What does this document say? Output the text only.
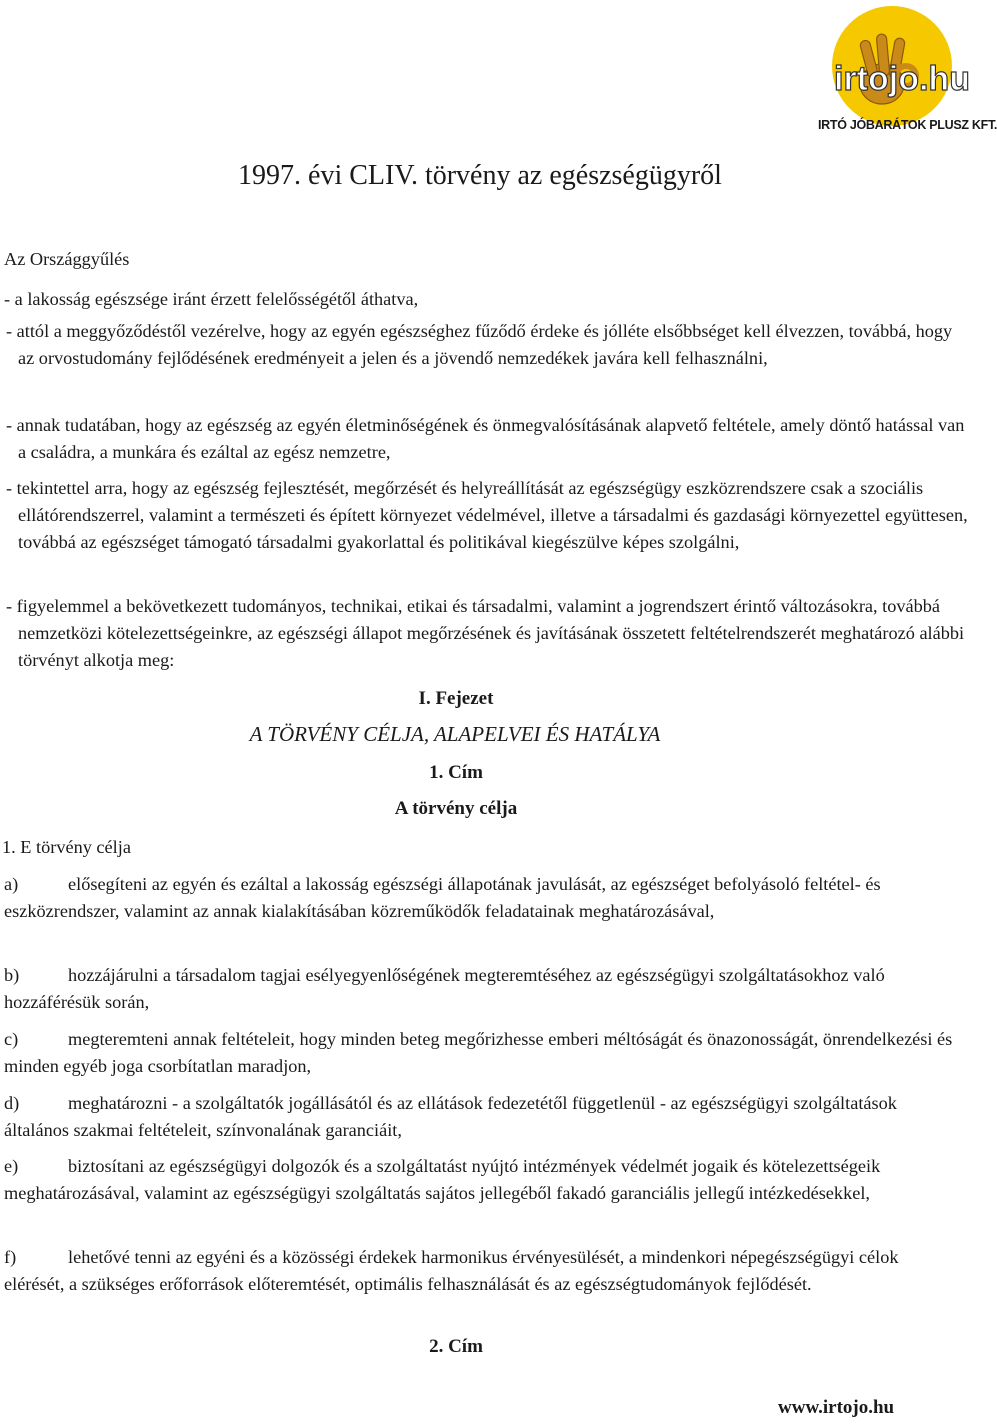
irtojo.hu
IRTÓ JÓBARÁTOK PLUSZ KFT.
1997. évi CLIV. törvény az egészségügyről

Az Országgyűlés

- a lakosság egészsége iránt érzett felelősségétől áthatva,

- attól a meggyőződéstől vezérelve, hogy az egyén egészséghez fűződő érdeke és jólléte elsőbbséget kell élvezzen, továbbá, hogy az orvostudomány fejlődésének eredményeit a jelen és a jövendő nemzedékek javára kell felhasználni,

- annak tudatában, hogy az egészség az egyén életminőségének és önmegvalósításának alapvető feltétele, amely döntő hatással van a családra, a munkára és ezáltal az egész nemzetre,

- tekintettel arra, hogy az egészség fejlesztését, megőrzését és helyreállítását az egészségügy eszközrendszere csak a szociális ellátórendszerrel, valamint a természeti és épített környezet védelmével, illetve a társadalmi és gazdasági környezettel együttesen, továbbá az egészséget támogató társadalmi gyakorlattal és politikával kiegészülve képes szolgálni,

- figyelemmel a bekövetkezett tudományos, technikai, etikai és társadalmi, valamint a jogrendszert érintő változásokra, továbbá nemzetközi kötelezettségeinkre, az egészségi állapot megőrzésének és javításának összetett feltételrendszerét meghatározó alábbi törvényt alkotja meg:

I. Fejezet

A TÖRVÉNY CÉLJA, ALAPELVEI ÉS HATÁLYA

1. Cím

A törvény célja

1. E törvény célja

a)	elősegíteni az egyén és ezáltal a lakosság egészségi állapotának javulását, az egészséget befolyásoló feltétel- és eszközrendszer, valamint az annak kialakításában közreműködők feladatainak meghatározásával,

b)	hozzájárulni a társadalom tagjai esélyegyenlőségének megteremtéséhez az egészségügyi szolgáltatásokhoz való hozzáférésük során,

c)	megteremteni annak feltételeit, hogy minden beteg megőrizhesse emberi méltóságát és önazonosságát, önrendelkezési és minden egyéb joga csorbítatlan maradjon,

d)	meghatározni - a szolgáltatók jogállásától és az ellátások fedezetétől függetlenül - az egészségügyi szolgáltatások általános szakmai feltételeit, színvonalának garanciáit,

e)	biztosítani az egészségügyi dolgozók és a szolgáltatást nyújtó intézmények védelmét jogaik és kötelezettségeik meghatározásával, valamint az egészségügyi szolgáltatás sajátos jellegéből fakadó garanciális jellegű intézkedésekkel,

f)	lehetővé tenni az egyéni és a közösségi érdekek harmonikus érvényesülését, a mindenkori népegészségügyi célok elérését, a szükséges erőforrások előteremtését, optimális felhasználását és az egészségtudományok fejlődését.

2. Cím

www.irtojo.hu
